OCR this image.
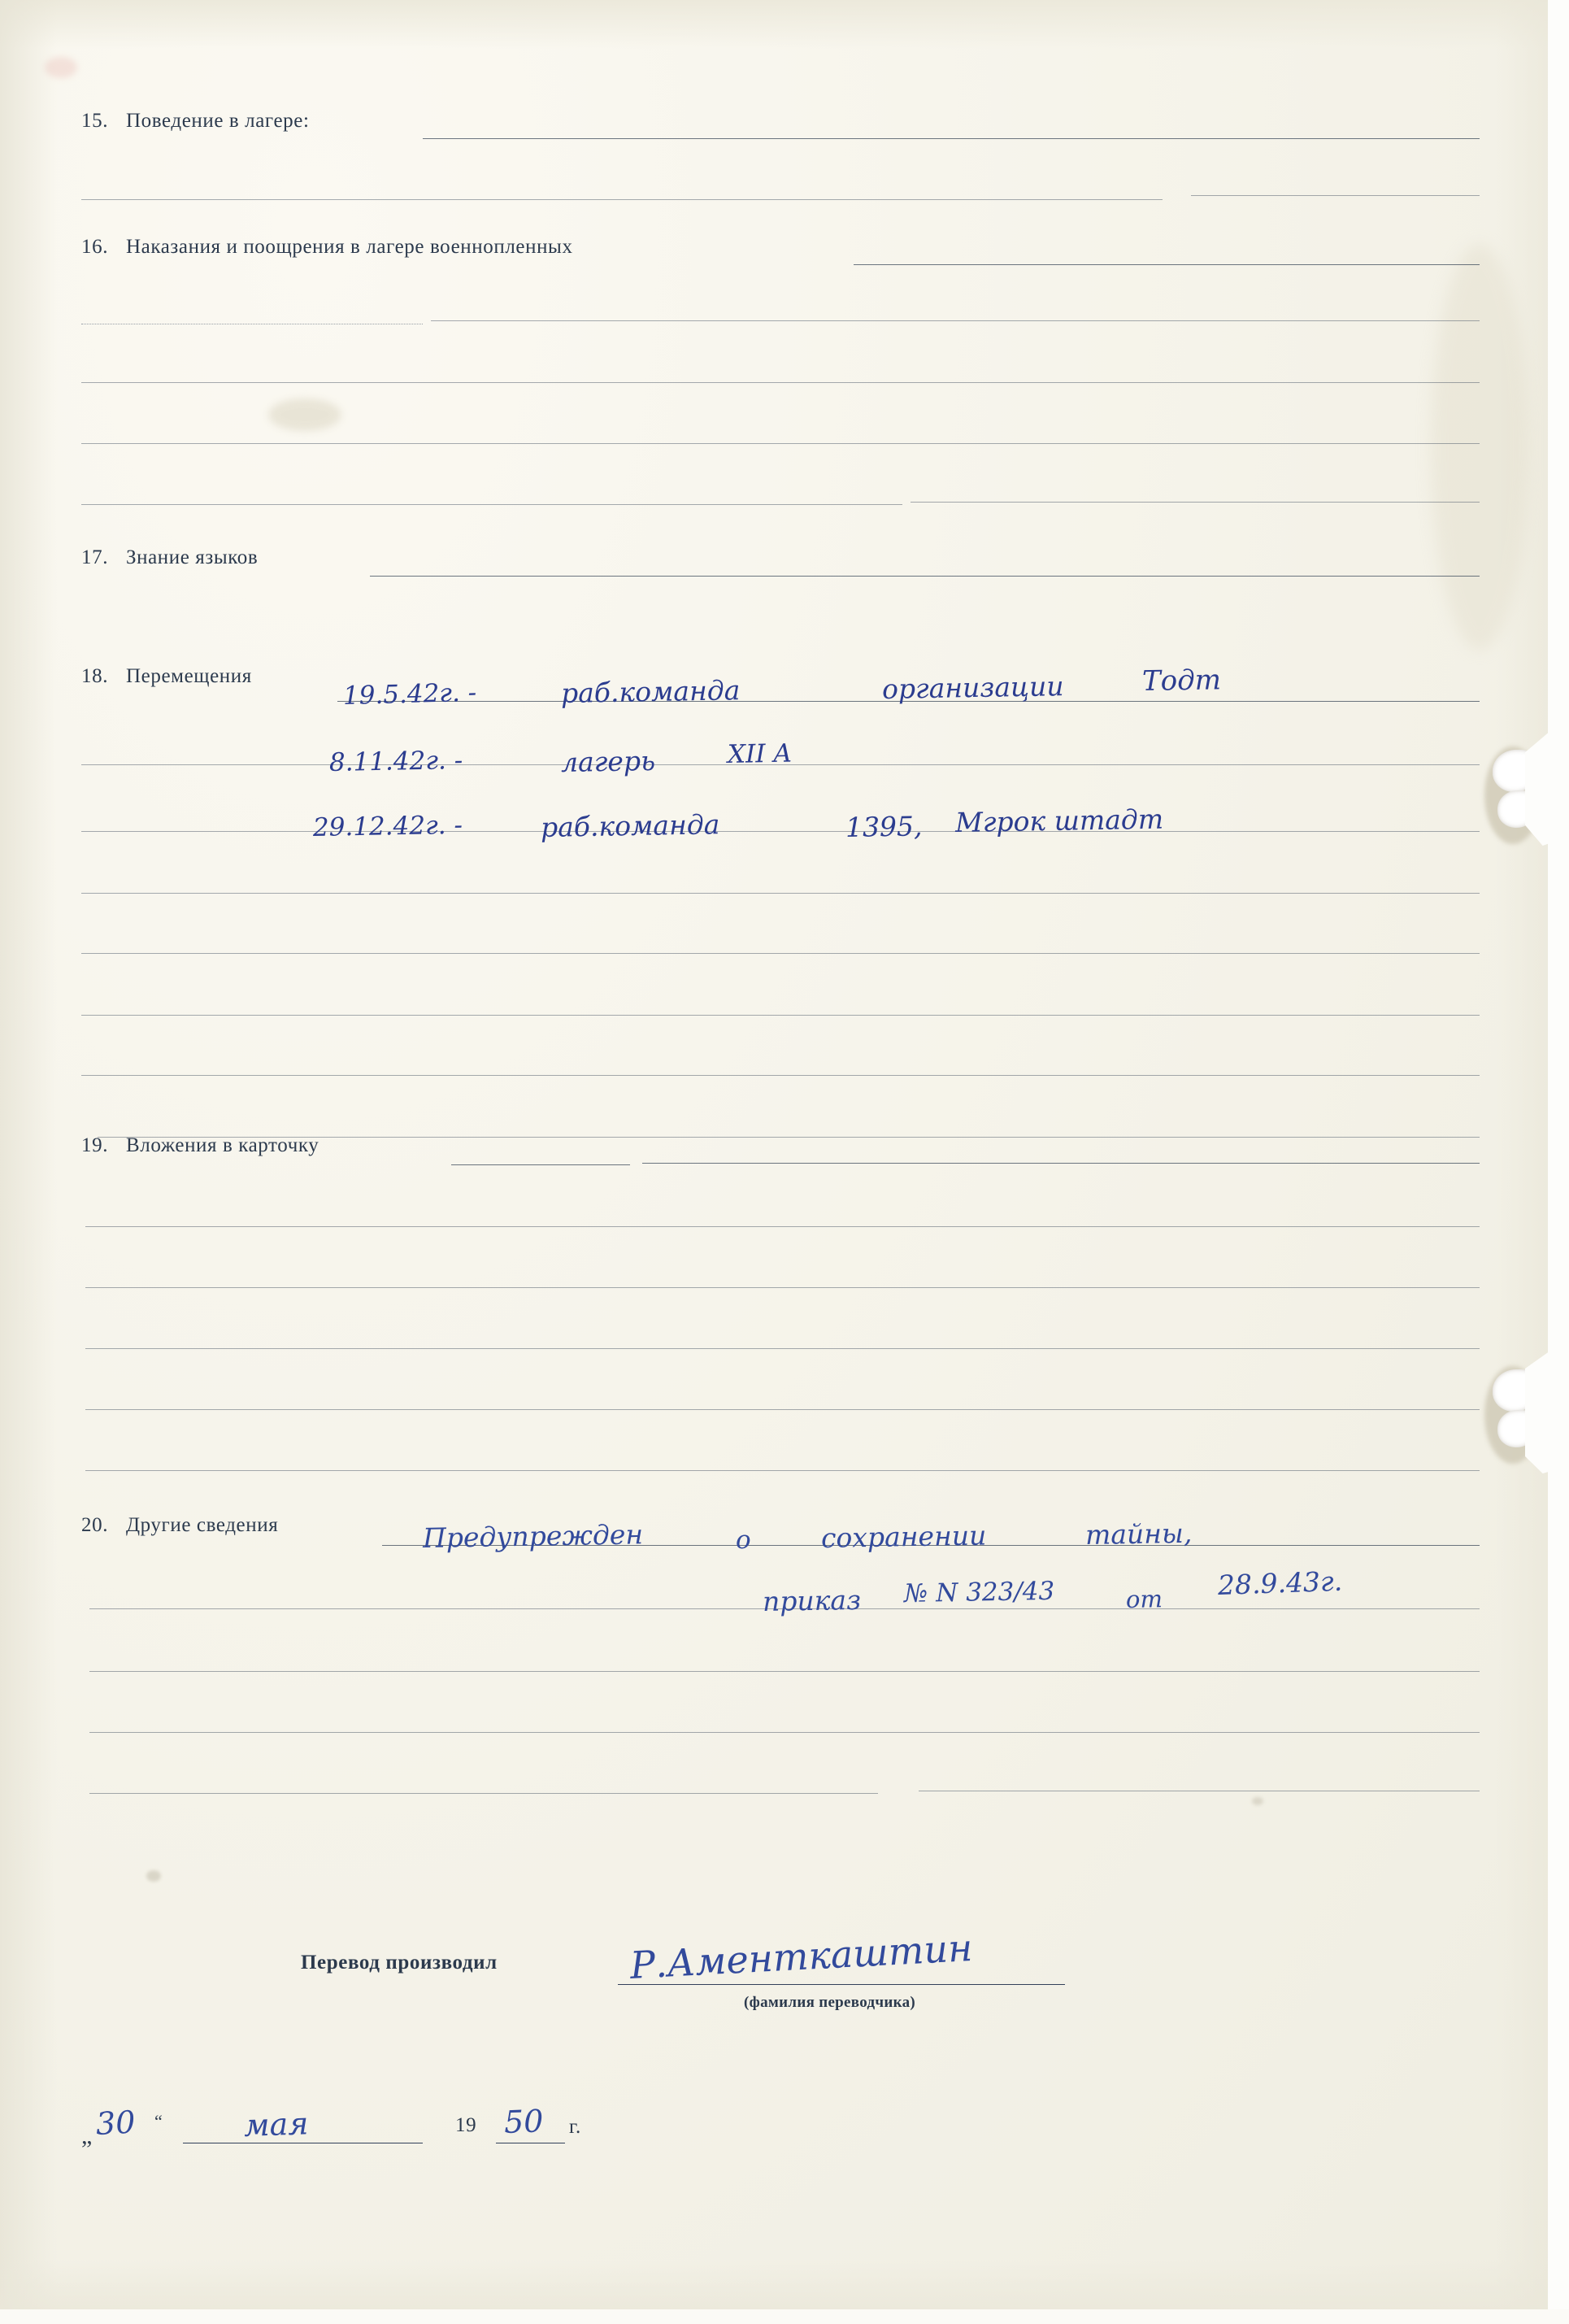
15. Поведение в лагере:
16. Наказания и поощрения в лагере военнопленных
17. Знание языков
18. Перемещения
19.5.42г. -	раб.команда	организации	Тодт
8.11.42г. -	лагерь	XII A
29.12.42г. -	раб.команда	1395, Мгрок штадт
19. Вложения в карточку
20. Другие сведения	Предупрежден	о	сохранении	тайны,
приказ № N 323/43	от 28.9.43г.
Перевод производил
(фамилия переводчика)
Р.Аменткаштин
„
“	19	г.
30	мая	50
